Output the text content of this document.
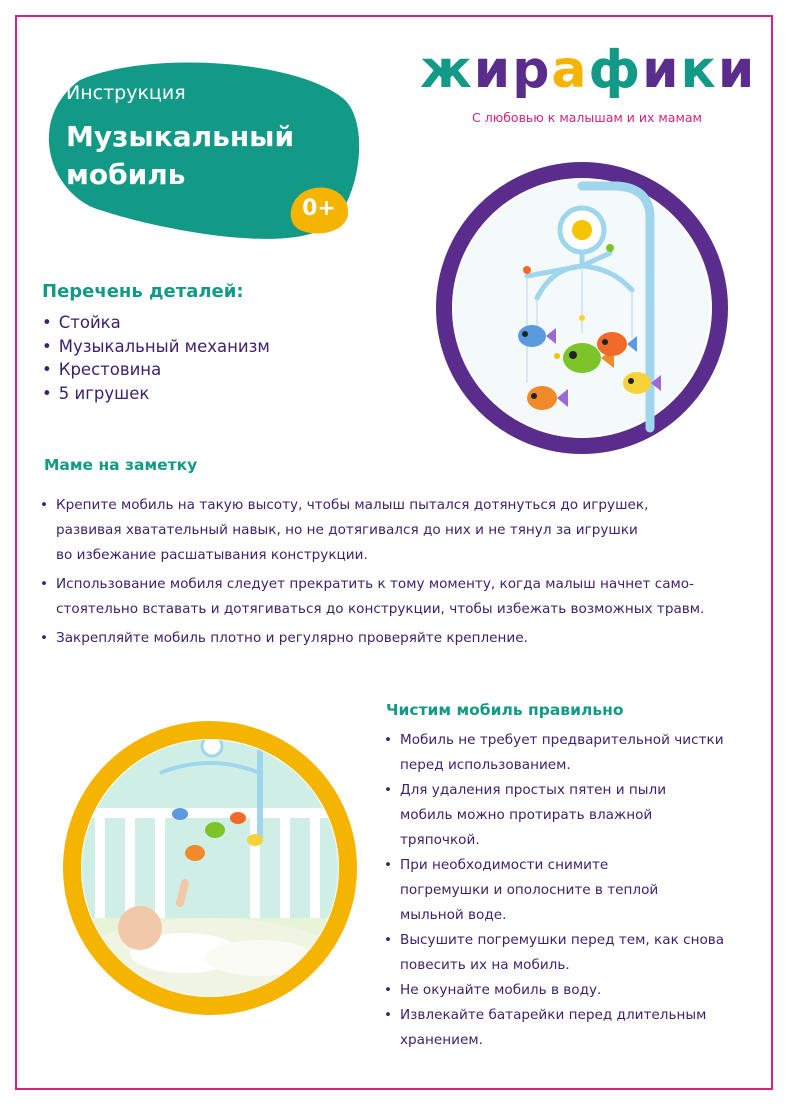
Инструкция
Музыкальный
мобиль
0+
жирафики
С любовью к малышам и их мамам
Перечень деталей:
• Стойка
• Музыкальный механизм
• Крестовина
• 5 игрушек
Маме на заметку
• Крепите мобиль на такую высоту, чтобы малыш пытался дотянуться до игрушек,
развивая хватательный навык, но не дотягивался до них и не тянул за игрушки
во избежание расшатывания конструкции.
• Использование мобиля следует прекратить к тому моменту, когда малыш начнет само-
стоятельно вставать и дотягиваться до конструкции, чтобы избежать возможных травм.
• Закрепляйте мобиль плотно и регулярно проверяйте крепление.
Чистим мобиль правильно
• Мобиль не требует предварительной чистки
перед использованием.
• Для удаления простых пятен и пыли
мобиль можно протирать влажной
тряпочкой.
• При необходимости снимите
погремушки и ополосните в теплой
мыльной воде.
• Высушите погремушки перед тем, как снова
повесить их на мобиль.
• Не окунайте мобиль в воду.
• Извлекайте батарейки перед длительным
хранением.
